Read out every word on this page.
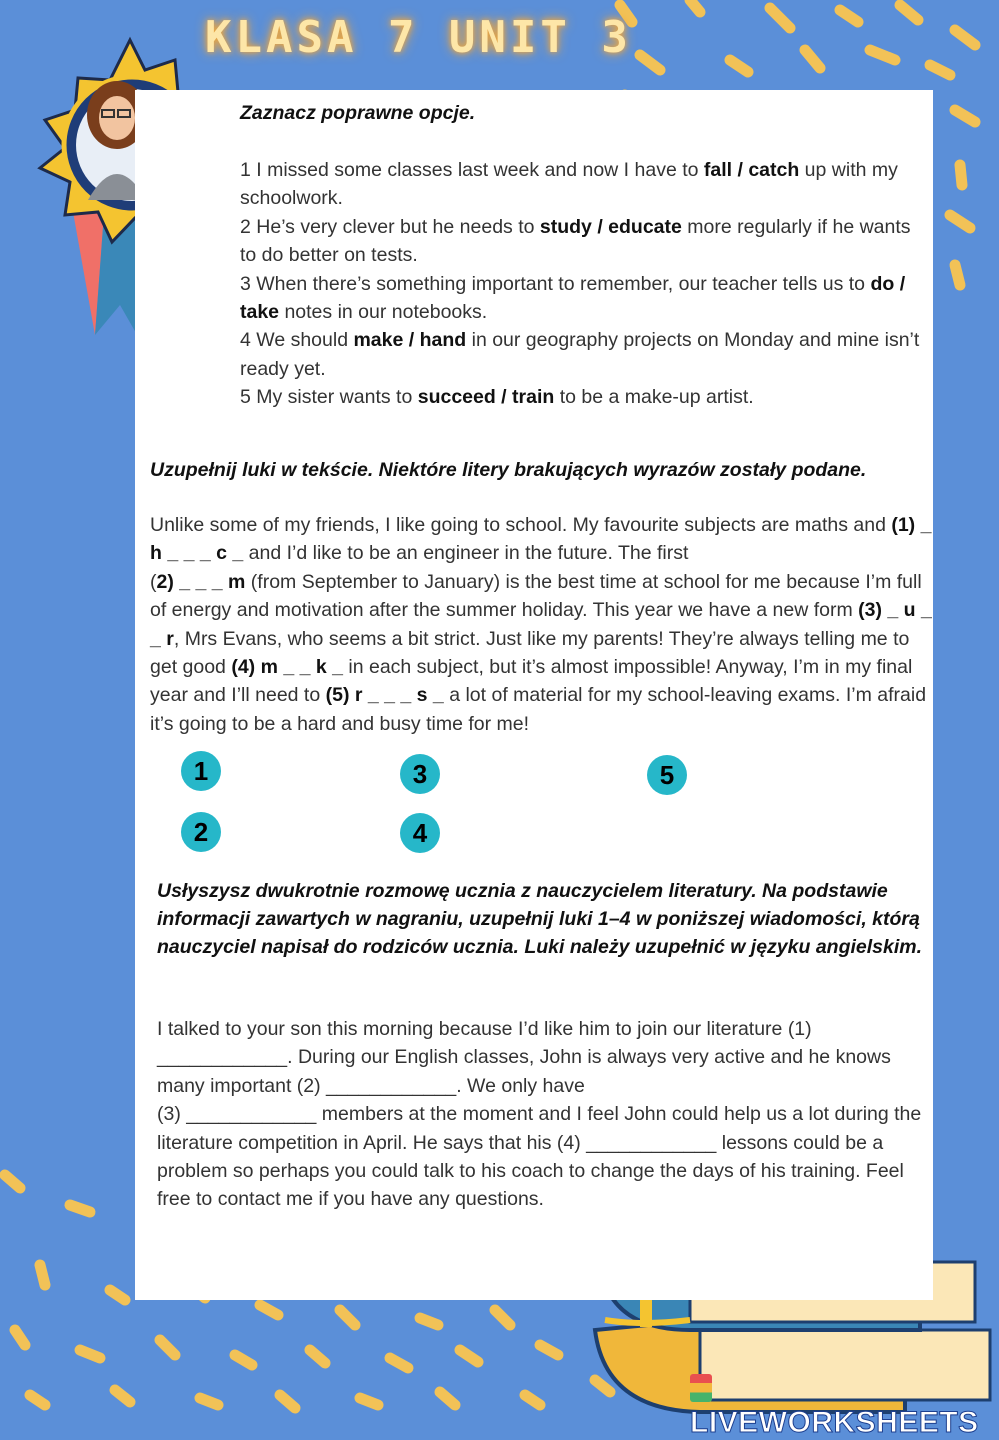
KLASA 7 UNIT 3
Zaznacz poprawne opcje.

1 I missed some classes last week and now I have to fall / catch up with my schoolwork.

2 He’s very clever but he needs to study / educate more regularly if he wants to do better on tests.

3 When there’s something important to remember, our teacher tells us to do / take notes in our notebooks.

4 We should make / hand in our geography projects on Monday and mine isn’t ready yet.

5 My sister wants to succeed / train to be a make-up artist.

Uzupełnij luki w tekście. Niektóre litery brakujących wyrazów zostały podane.
Unlike some of my friends, I like going to school. My favourite subjects are maths and (1) _ h _ _ _ c _ and I’d like to be an engineer in the future. The first
(2) _ _ _ m (from September to January) is the best time at school for me because I’m full of energy and motivation after the summer holiday. This year we have a new form (3) _ u _ _ r, Mrs Evans, who seems a bit strict. Just like my parents! They’re always telling me to get good (4) m _ _ k _ in each subject, but it’s almost impossible! Anyway, I’m in my final year and I’ll need to (5) r _ _ _ s _ a lot of material for my school-leaving exams. I’m afraid it’s going to be a hard and busy time for me!
1
2
3
4
5
Usłyszysz dwukrotnie rozmowę ucznia z nauczycielem literatury. Na podstawie informacji zawartych w nagraniu, uzupełnij luki 1–4 w poniższej wiadomości, którą nauczyciel napisał do rodziców ucznia. Luki należy uzupełnić w języku angielskim.

I talked to your son this morning because I’d like him to join our literature (1) ____________. During our English classes, John is always very active and he knows many important (2) ____________. We only have

(3) ____________ members at the moment and I feel John could help us a lot during the literature competition in April. He says that his (4) ____________ lessons could be a problem so perhaps you could talk to his coach to change the days of his training. Feel free to contact me if you have any questions.

LIVEWORKSHEETS
